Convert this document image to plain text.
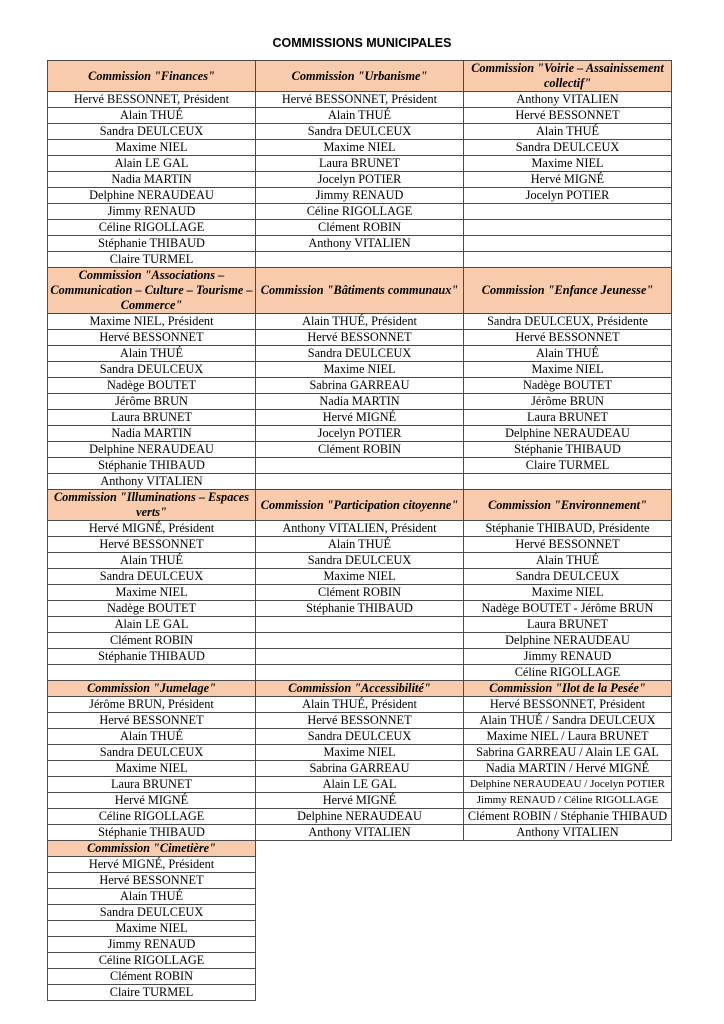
COMMISSIONS MUNICIPALES
Commission "Finances"	Commission "Urbanisme"	Commission "Voirie – Assainissement collectif"
Hervé BESSONNET, Président	Hervé BESSONNET, Président	Anthony VITALIEN
Alain THUÉ	Alain THUÉ	Hervé BESSONNET
Sandra DEULCEUX	Sandra DEULCEUX	Alain THUÉ
Maxime NIEL	Maxime NIEL	Sandra DEULCEUX
Alain LE GAL	Laura BRUNET	Maxime NIEL
Nadia MARTIN	Jocelyn POTIER	Hervé MIGNÉ
Delphine NERAUDEAU	Jimmy RENAUD	Jocelyn POTIER
Jimmy RENAUD	Céline RIGOLLAGE	
Céline RIGOLLAGE	Clément ROBIN	
Stéphanie THIBAUD	Anthony VITALIEN	
Claire TURMEL		
Commission "Associations – Communication – Culture – Tourisme – Commerce"	Commission "Bâtiments communaux"	Commission "Enfance Jeunesse"
Maxime NIEL, Président	Alain THUÉ, Président	Sandra DEULCEUX, Présidente
Hervé BESSONNET	Hervé BESSONNET	Hervé BESSONNET
Alain THUÉ	Sandra DEULCEUX	Alain THUÉ
Sandra DEULCEUX	Maxime NIEL	Maxime NIEL
Nadège BOUTET	Sabrina GARREAU	Nadège BOUTET
Jérôme BRUN	Nadia MARTIN	Jérôme BRUN
Laura BRUNET	Hervé MIGNÉ	Laura BRUNET
Nadia MARTIN	Jocelyn POTIER	Delphine NERAUDEAU
Delphine NERAUDEAU	Clément ROBIN	Stéphanie THIBAUD
Stéphanie THIBAUD		Claire TURMEL
Anthony VITALIEN		
Commission "Illuminations – Espaces verts"	Commission "Participation citoyenne"	Commission "Environnement"
Hervé MIGNÉ, Président	Anthony VITALIEN, Président	Stéphanie THIBAUD, Présidente
Hervé BESSONNET	Alain THUÉ	Hervé BESSONNET
Alain THUÉ	Sandra DEULCEUX	Alain THUÉ
Sandra DEULCEUX	Maxime NIEL	Sandra DEULCEUX
Maxime NIEL	Clément ROBIN	Maxime NIEL
Nadège BOUTET	Stéphanie THIBAUD	Nadège BOUTET - Jérôme BRUN
Alain LE GAL		Laura BRUNET
Clément ROBIN		Delphine NERAUDEAU
Stéphanie THIBAUD		Jimmy RENAUD
		Céline RIGOLLAGE
Commission "Jumelage"	Commission "Accessibilité"	Commission "Ilot de la Pesée"
Jérôme BRUN, Président	Alain THUÉ, Président	Hervé BESSONNET, Président
Hervé BESSONNET	Hervé BESSONNET	Alain THUÉ / Sandra DEULCEUX
Alain THUÉ	Sandra DEULCEUX	Maxime NIEL / Laura BRUNET
Sandra DEULCEUX	Maxime NIEL	Sabrina GARREAU / Alain LE GAL
Maxime NIEL	Sabrina GARREAU	Nadia MARTIN / Hervé MIGNÉ
Laura BRUNET	Alain LE GAL	Delphine NERAUDEAU / Jocelyn POTIER
Hervé MIGNÉ	Hervé MIGNÉ	Jimmy RENAUD / Céline RIGOLLAGE
Céline RIGOLLAGE	Delphine NERAUDEAU	Clément ROBIN / Stéphanie THIBAUD
Stéphanie THIBAUD	Anthony VITALIEN	Anthony VITALIEN
Commission "Cimetière"		
Hervé MIGNÉ, Président		
Hervé BESSONNET		
Alain THUÉ		
Sandra DEULCEUX		
Maxime NIEL		
Jimmy RENAUD		
Céline RIGOLLAGE		
Clément ROBIN		
Claire TURMEL		
